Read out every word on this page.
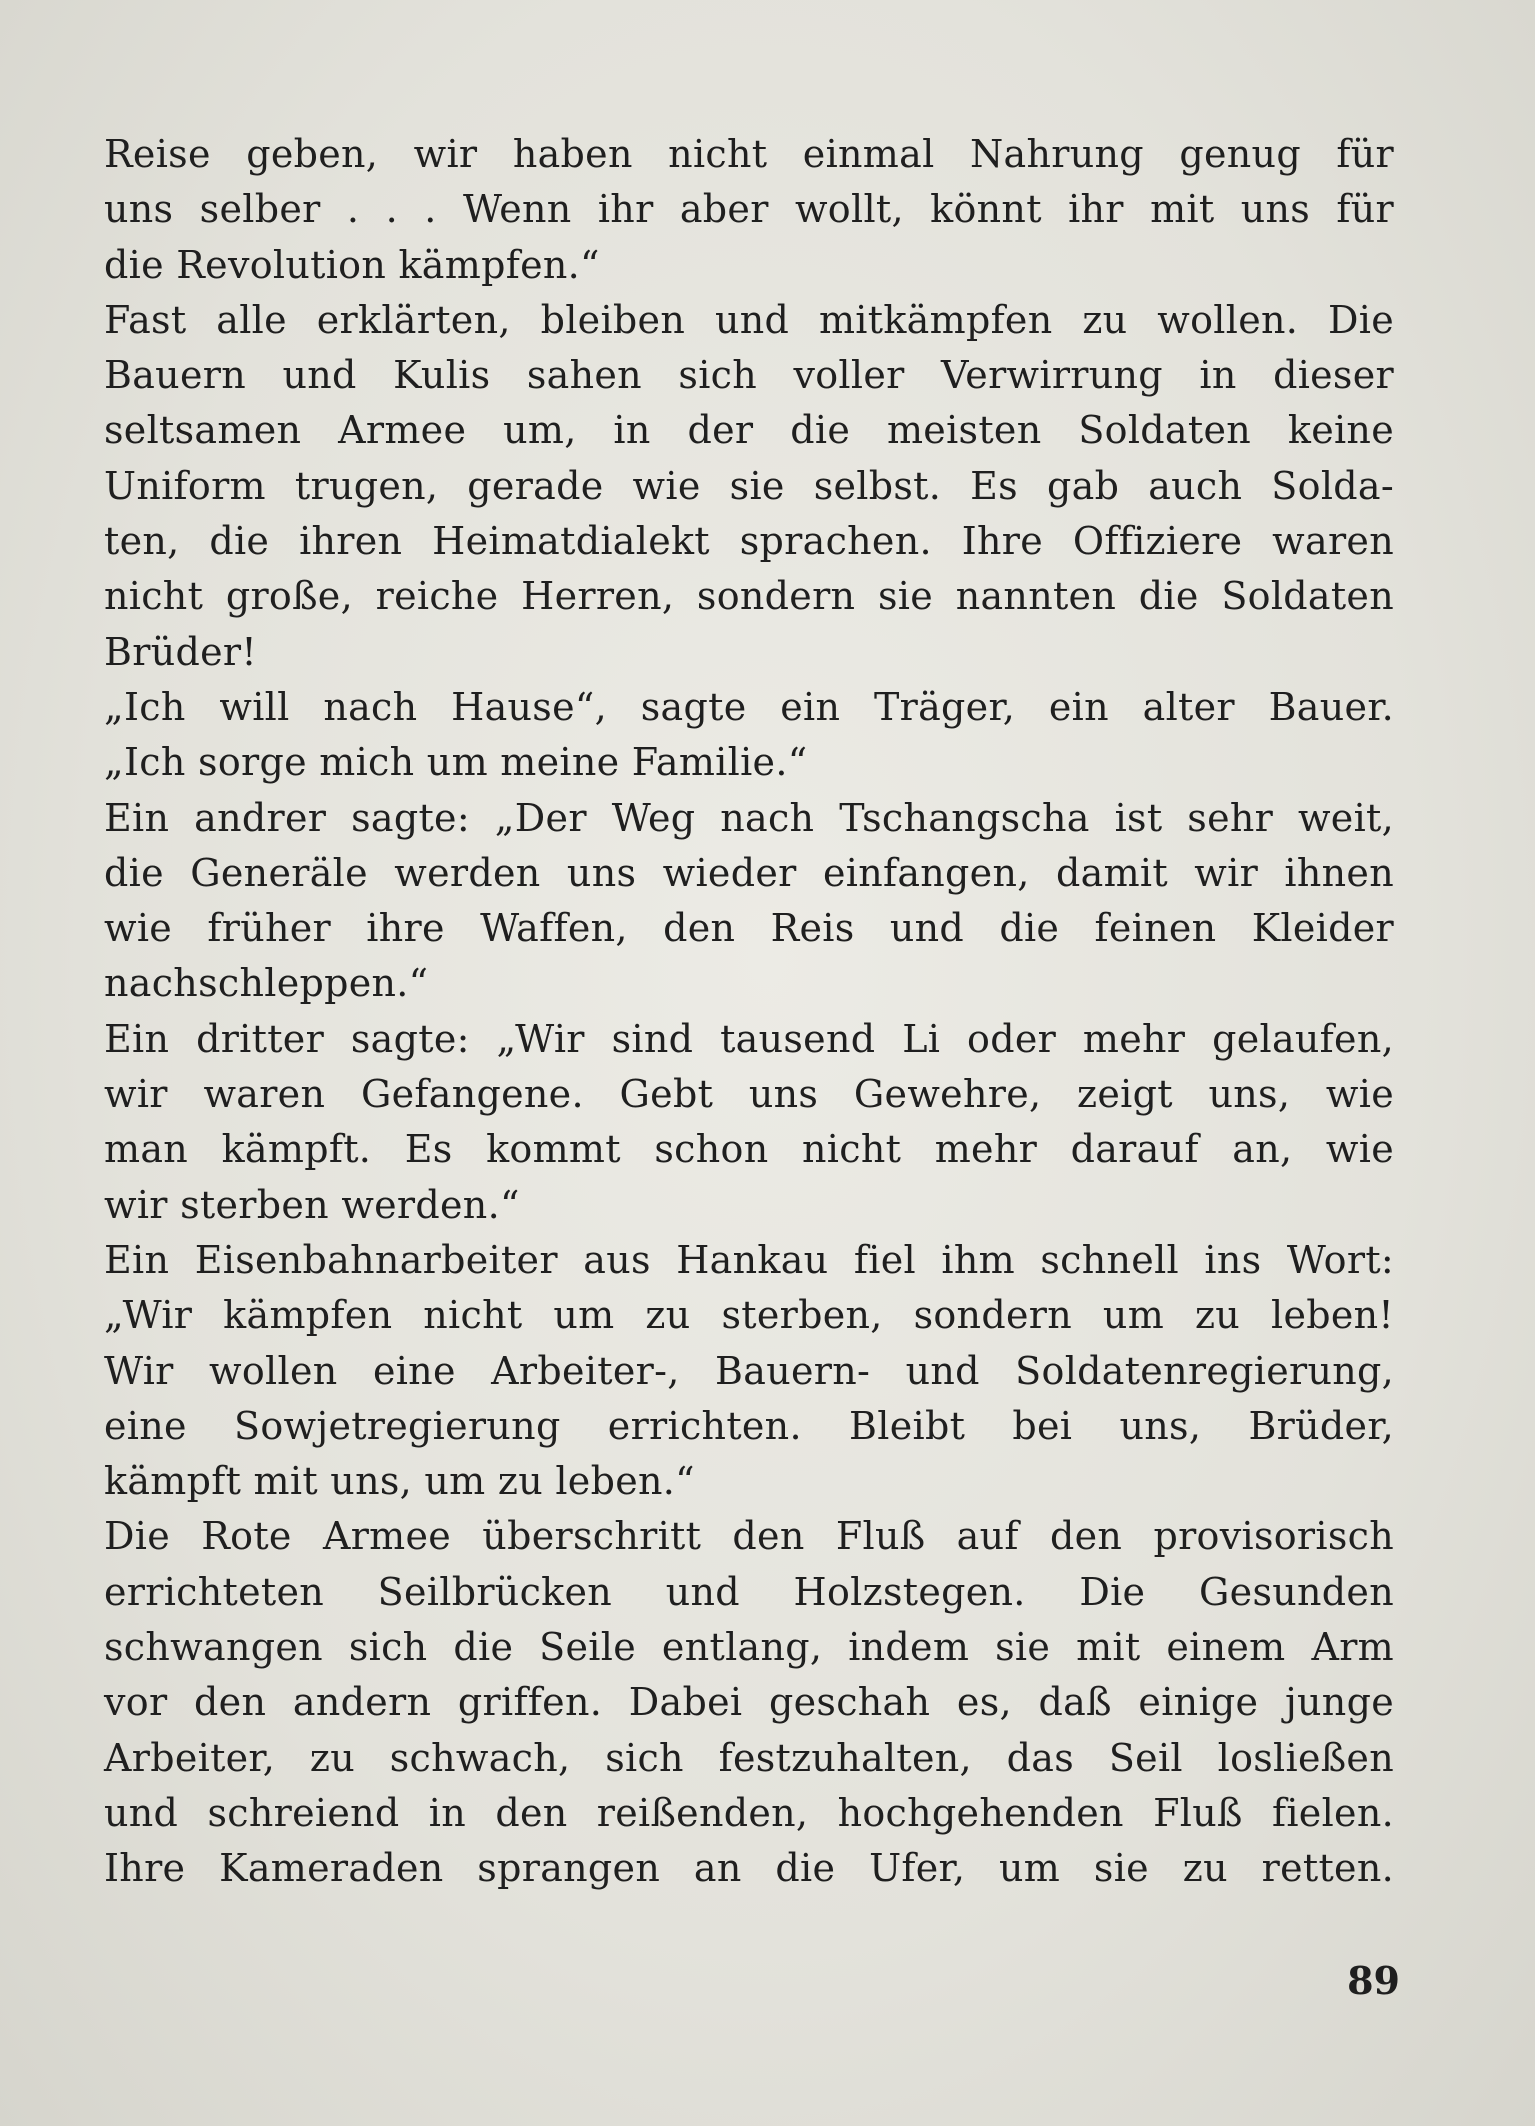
Reise geben, wir haben nicht einmal Nahrung genug für
uns selber . . . Wenn ihr aber wollt, könnt ihr mit uns für
die Revolution kämpfen.“
Fast alle erklärten, bleiben und mitkämpfen zu wollen. Die
Bauern und Kulis sahen sich voller Verwirrung in dieser
seltsamen Armee um, in der die meisten Soldaten keine
Uniform trugen, gerade wie sie selbst. Es gab auch Solda-
ten, die ihren Heimatdialekt sprachen. Ihre Offiziere waren
nicht große, reiche Herren, sondern sie nannten die Soldaten
Brüder!
„Ich will nach Hause“, sagte ein Träger, ein alter Bauer.
„Ich sorge mich um meine Familie.“
Ein andrer sagte: „Der Weg nach Tschangscha ist sehr weit,
die Generäle werden uns wieder einfangen, damit wir ihnen
wie früher ihre Waffen, den Reis und die feinen Kleider
nachschleppen.“
Ein dritter sagte: „Wir sind tausend Li oder mehr gelaufen,
wir waren Gefangene. Gebt uns Gewehre, zeigt uns, wie
man kämpft. Es kommt schon nicht mehr darauf an, wie
wir sterben werden.“
Ein Eisenbahnarbeiter aus Hankau fiel ihm schnell ins Wort:
„Wir kämpfen nicht um zu sterben, sondern um zu leben!
Wir wollen eine Arbeiter-, Bauern- und Soldatenregierung,
eine Sowjetregierung errichten. Bleibt bei uns, Brüder,
kämpft mit uns, um zu leben.“
Die Rote Armee überschritt den Fluß auf den provisorisch
errichteten Seilbrücken und Holzstegen. Die Gesunden
schwangen sich die Seile entlang, indem sie mit einem Arm
vor den andern griffen. Dabei geschah es, daß einige junge
Arbeiter, zu schwach, sich festzuhalten, das Seil losließen
und schreiend in den reißenden, hochgehenden Fluß fielen.
Ihre Kameraden sprangen an die Ufer, um sie zu retten.
89
